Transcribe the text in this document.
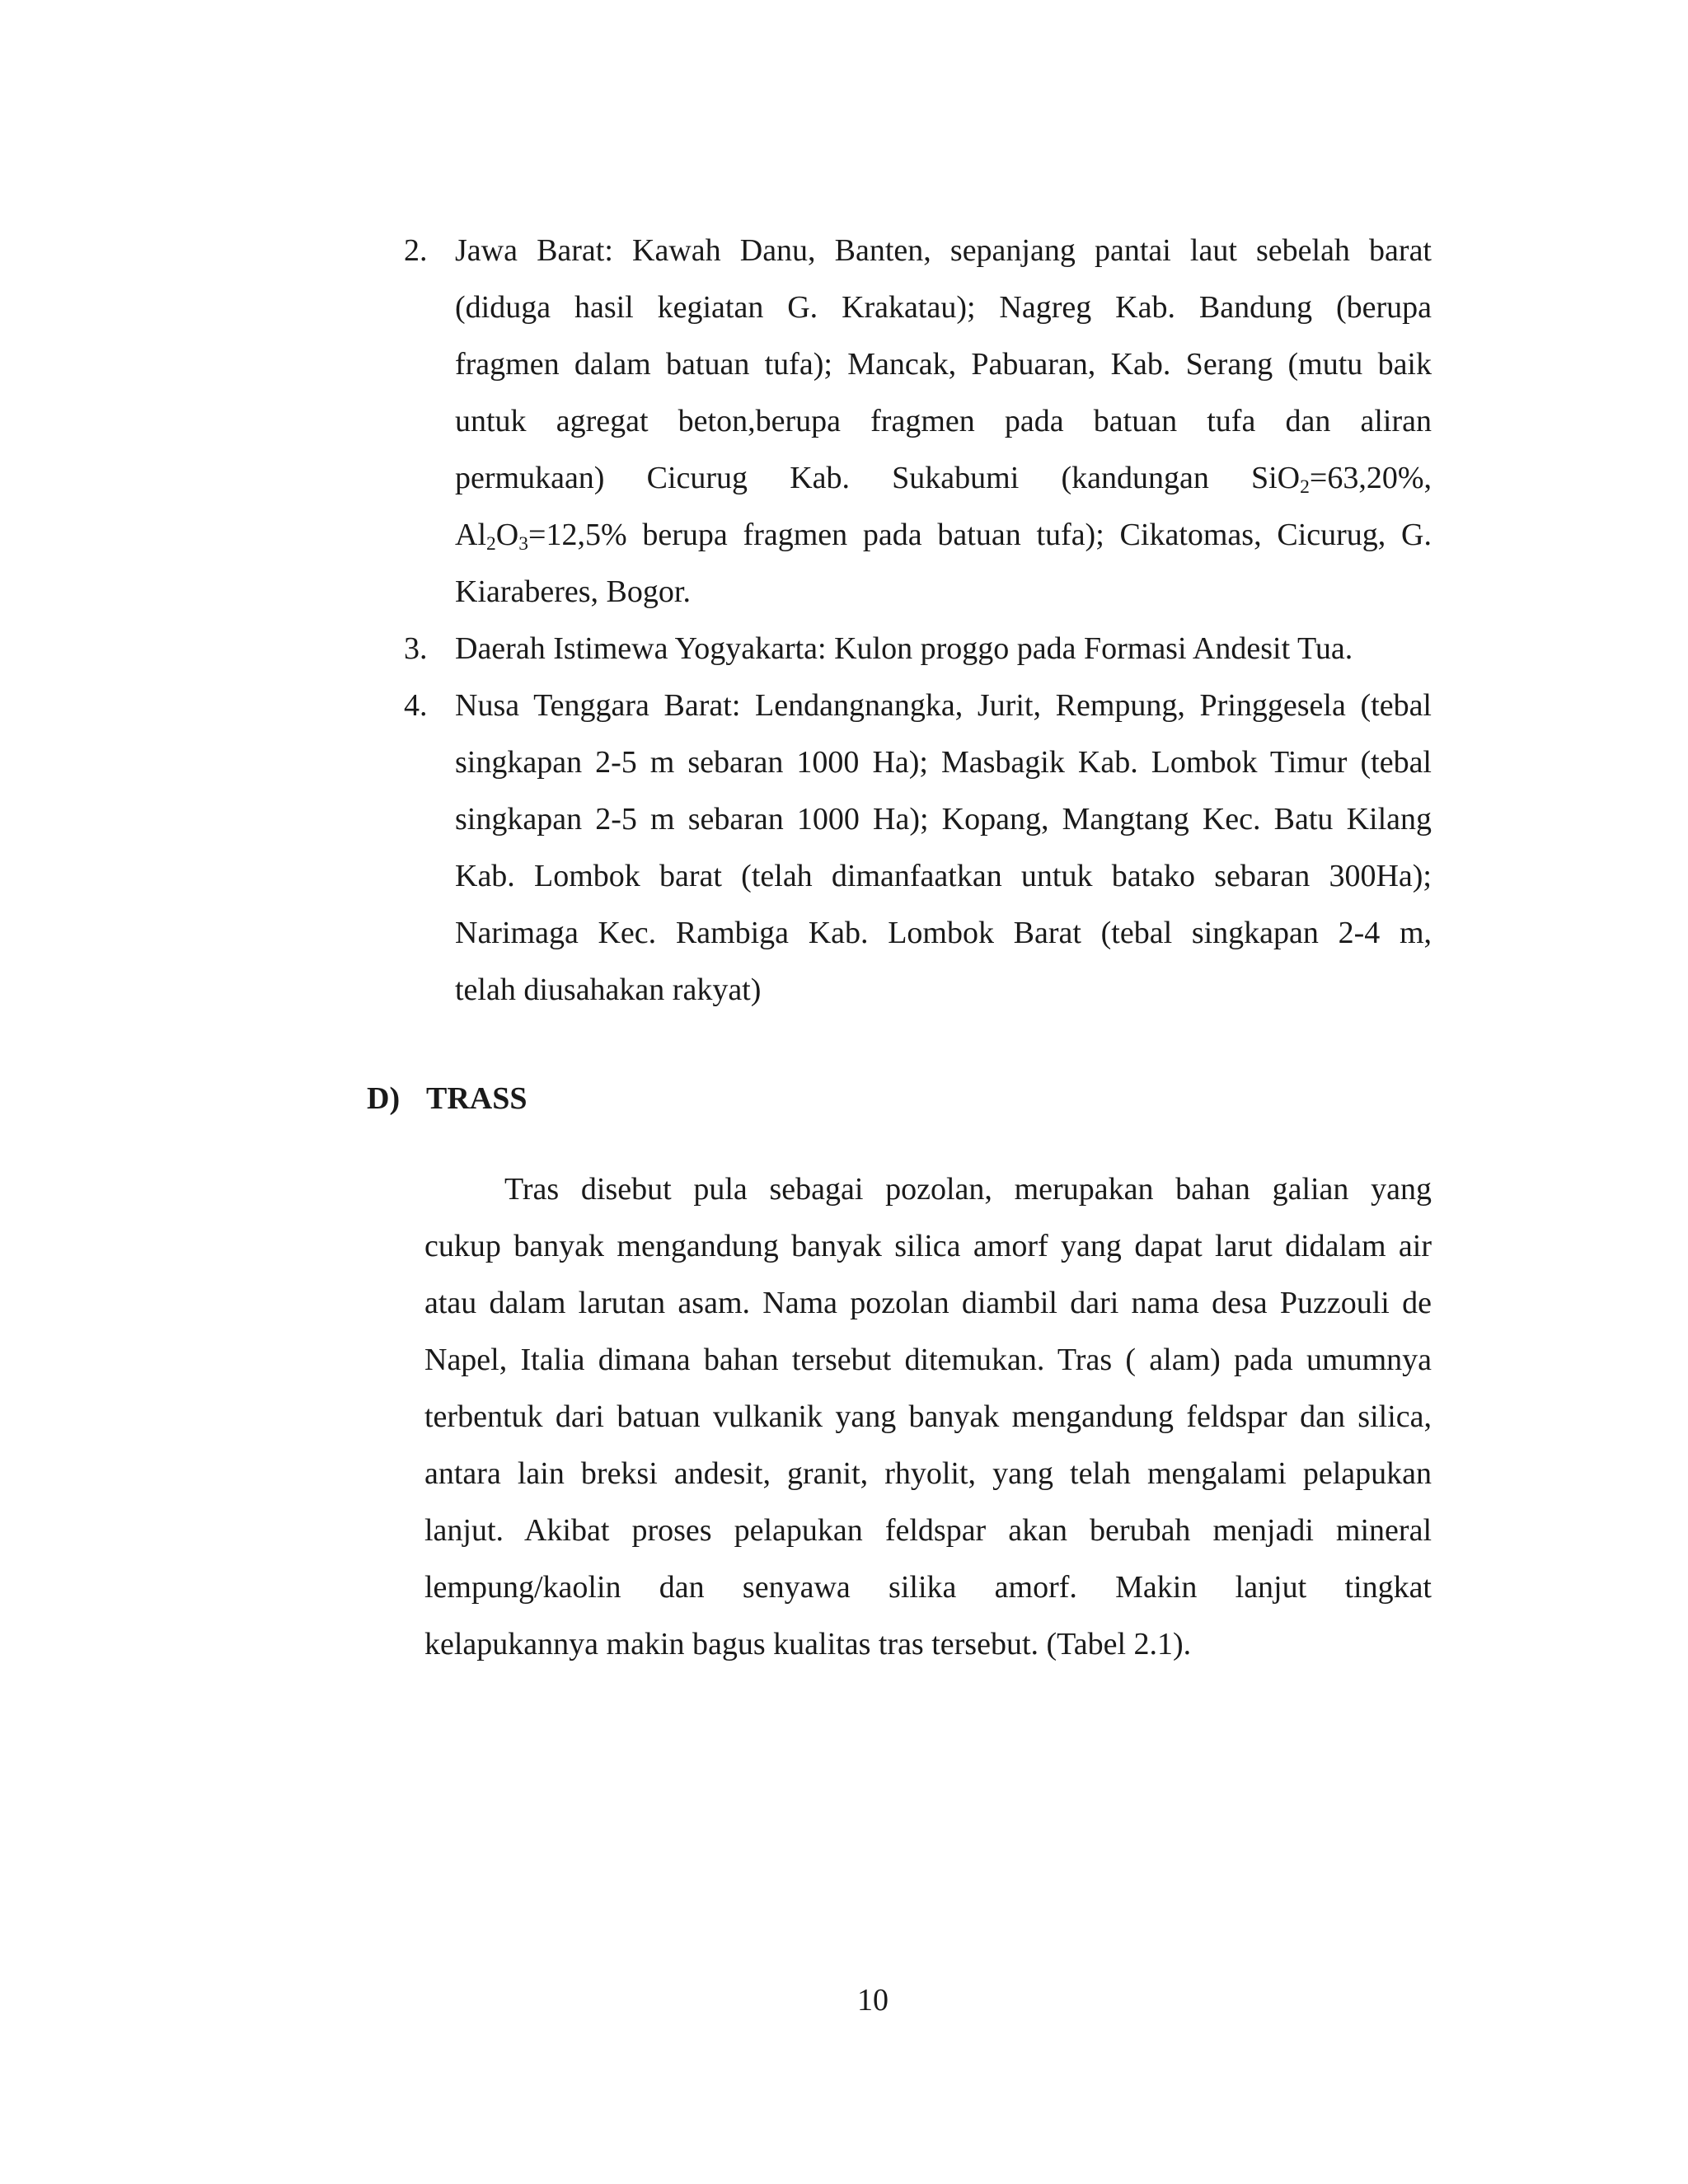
2. Jawa Barat: Kawah Danu, Banten, sepanjang pantai laut sebelah barat
(diduga hasil kegiatan G. Krakatau); Nagreg Kab. Bandung (berupa
fragmen dalam batuan tufa); Mancak, Pabuaran, Kab. Serang (mutu baik
untuk agregat beton,berupa fragmen pada batuan tufa dan aliran
permukaan) Cicurug Kab. Sukabumi (kandungan SiO$_2$=63,20%,
$Al_2O_3=12,5\%$ berupa fragmen pada batuan tufa); Cikatomas, Cicurug, G.
Kiaraberes, Bogor.
3. Daerah Istimewa Yogyakarta: Kulon proggo pada Formasi Andesit Tua.
4. Nusa Tenggara Barat: Lendangnangka, Jurit, Rempung, Pringgesela (tebal
singkapan 2-5 m sebaran 1000 Ha); Masbagik Kab. Lombok Timur (tebal
singkapan 2-5 m sebaran 1000 Ha); Kopang, Mangtang Kec. Batu Kilang
Kab. Lombok barat (telah dimanfaatkan untuk batako sebaran 300Ha);
Narimaga Kec. Rambiga Kab. Lombok Barat (tebal singkapan 2-4 m,
telah diusahakan rakyat)
D) TRASS
Tras disebut pula sebagai pozolan, merupakan bahan galian yang
cukup banyak mengandung banyak silica amorf yang dapat larut didalam air
atau dalam larutan asam. Nama pozolan diambil dari nama desa Puzzouli de
Napel, Italia dimana bahan tersebut ditemukan. Tras ( alam) pada umumnya
terbentuk dari batuan vulkanik yang banyak mengandung feldspar dan silica,
antara lain breksi andesit, granit, rhyolit, yang telah mengalami pelapukan
lanjut. Akibat proses pelapukan feldspar akan berubah menjadi mineral
lempung/kaolin dan senyawa silika amorf. Makin lanjut tingkat
kelapukannya makin bagus kualitas tras tersebut. (Tabel 2.1).
10
